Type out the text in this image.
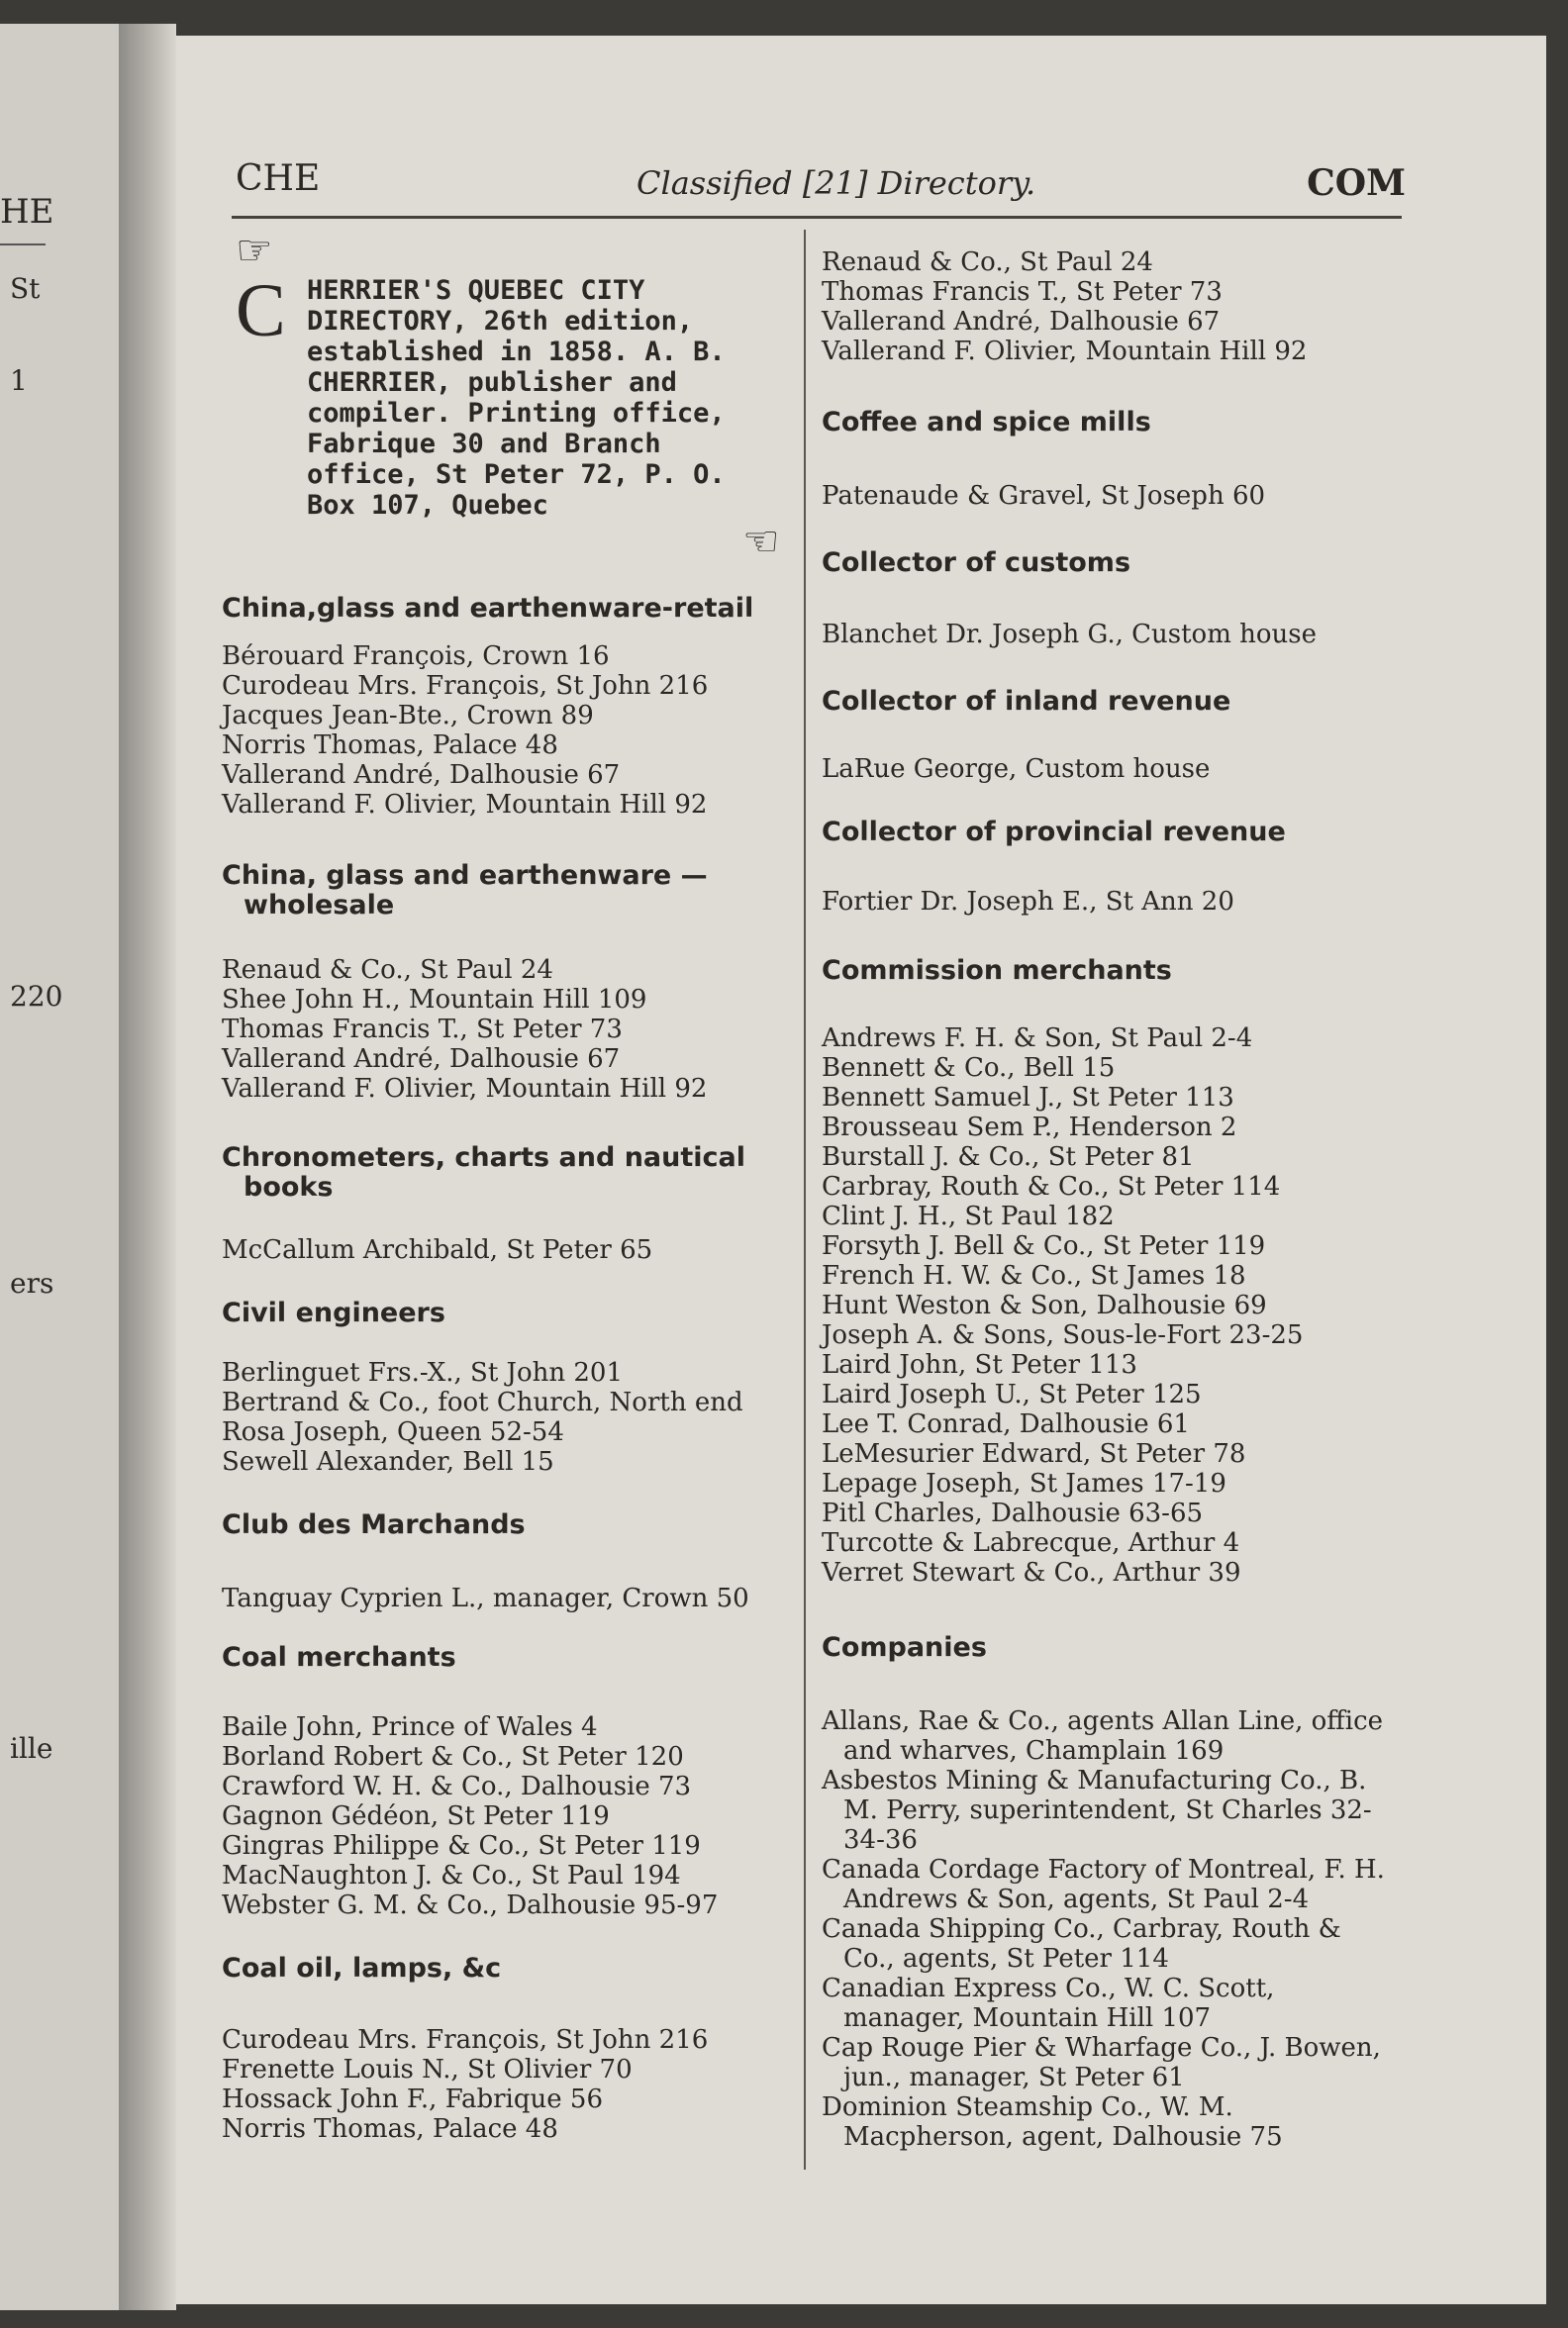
HE
St
1
220
ers
ille
CHE	Classified [21] Directory.	COM
☞
C HERRIER'S QUEBEC CITY DIRECTORY, 26th edition, established in 1858. A. B. CHERRIER, publisher and compiler. Printing office, Fabrique 30 and Branch office, St Peter 72, P. O. Box 107, Quebec
☜
China,glass and earthenware-retail
Bérouard François, Crown 16
Curodeau Mrs. François, St John 216
Jacques Jean-Bte., Crown 89
Norris Thomas, Palace 48
Vallerand André, Dalhousie 67
Vallerand F. Olivier, Mountain Hill 92
China, glass and earthenware — wholesale
Renaud & Co., St Paul 24
Shee John H., Mountain Hill 109
Thomas Francis T., St Peter 73
Vallerand André, Dalhousie 67
Vallerand F. Olivier, Mountain Hill 92
Chronometers, charts and nautical books
McCallum Archibald, St Peter 65
Civil engineers
Berlinguet Frs.-X., St John 201
Bertrand & Co., foot Church, North end
Rosa Joseph, Queen 52-54
Sewell Alexander, Bell 15
Club des Marchands
Tanguay Cyprien L., manager, Crown 50
Coal merchants
Baile John, Prince of Wales 4
Borland Robert & Co., St Peter 120
Crawford W. H. & Co., Dalhousie 73
Gagnon Gédéon, St Peter 119
Gingras Philippe & Co., St Peter 119
MacNaughton J. & Co., St Paul 194
Webster G. M. & Co., Dalhousie 95-97
Coal oil, lamps, &c
Curodeau Mrs. François, St John 216
Frenette Louis N., St Olivier 70
Hossack John F., Fabrique 56
Norris Thomas, Palace 48
Renaud & Co., St Paul 24
Thomas Francis T., St Peter 73
Vallerand André, Dalhousie 67
Vallerand F. Olivier, Mountain Hill 92
Coffee and spice mills
Patenaude & Gravel, St Joseph 60
Collector of customs
Blanchet Dr. Joseph G., Custom house
Collector of inland revenue
LaRue George, Custom house
Collector of provincial revenue
Fortier Dr. Joseph E., St Ann 20
Commission merchants
Andrews F. H. & Son, St Paul 2-4
Bennett & Co., Bell 15
Bennett Samuel J., St Peter 113
Brousseau Sem P., Henderson 2
Burstall J. & Co., St Peter 81
Carbray, Routh & Co., St Peter 114
Clint J. H., St Paul 182
Forsyth J. Bell & Co., St Peter 119
French H. W. & Co., St James 18
Hunt Weston & Son, Dalhousie 69
Joseph A. & Sons, Sous-le-Fort 23-25
Laird John, St Peter 113
Laird Joseph U., St Peter 125
Lee T. Conrad, Dalhousie 61
LeMesurier Edward, St Peter 78
Lepage Joseph, St James 17-19
Pitl Charles, Dalhousie 63-65
Turcotte & Labrecque, Arthur 4
Verret Stewart & Co., Arthur 39
Companies
Allans, Rae & Co., agents Allan Line, office and wharves, Champlain 169
Asbestos Mining & Manufacturing Co., B. M. Perry, superintendent, St Charles 32-34-36
Canada Cordage Factory of Montreal, F. H. Andrews & Son, agents, St Paul 2-4
Canada Shipping Co., Carbray, Routh & Co., agents, St Peter 114
Canadian Express Co., W. C. Scott, manager, Mountain Hill 107
Cap Rouge Pier & Wharfage Co., J. Bowen, jun., manager, St Peter 61
Dominion Steamship Co., W. M. Macpherson, agent, Dalhousie 75
